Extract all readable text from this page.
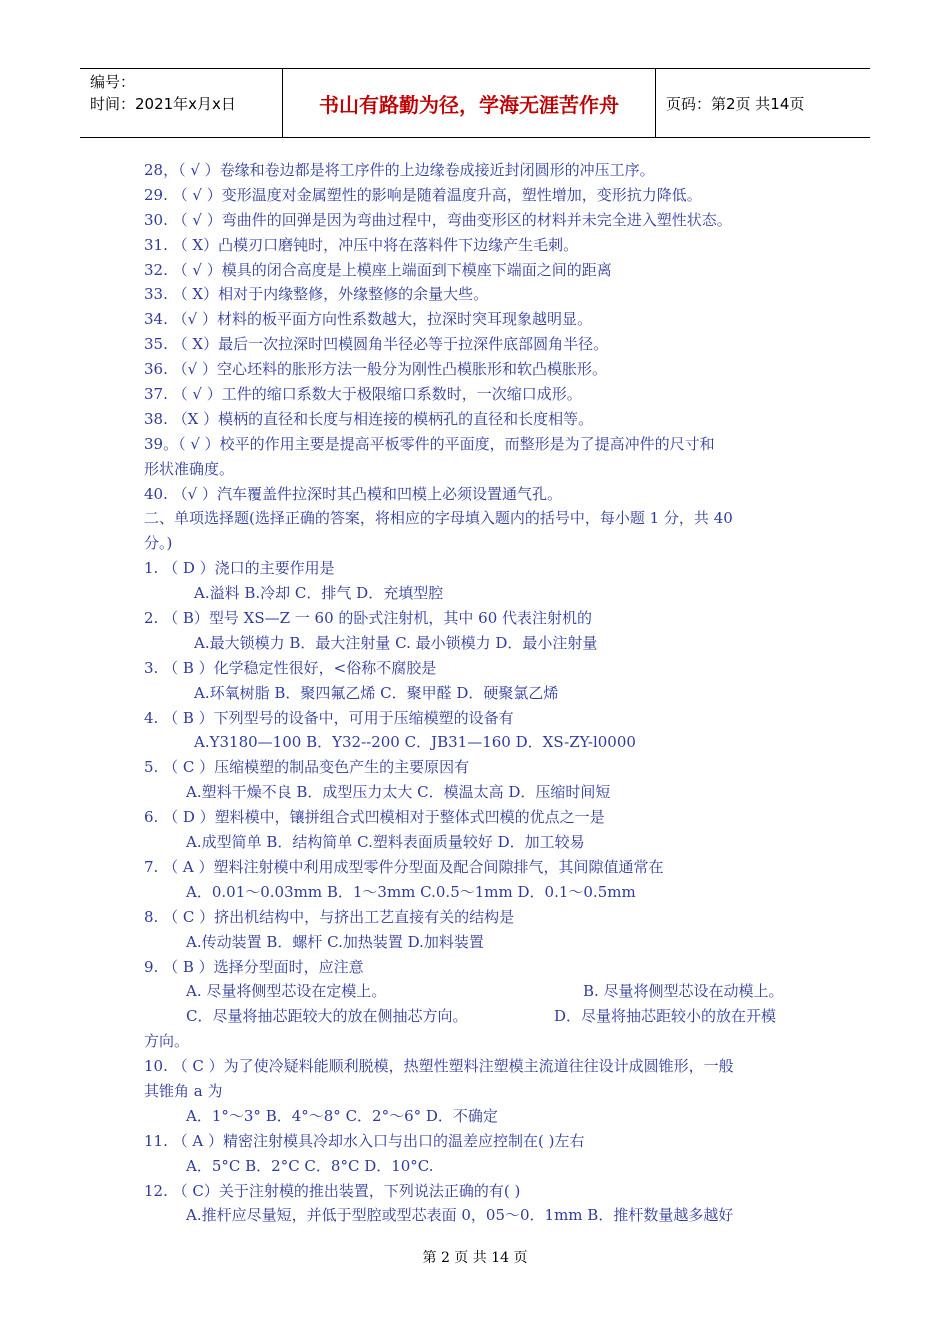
编号：
时间：2021年x月x日	书山有路勤为径，学海无涯苦作舟	页码：第2页 共14页
28，（ √ ）卷缘和卷边都是将工序件的上边缘卷成接近封闭圆形的冲压工序。
29. （ √ ）变形温度对金属塑性的影响是随着温度升高，塑性增加，变形抗力降低。
30. （ √ ）弯曲件的回弹是因为弯曲过程中，弯曲变形区的材料并未完全进入塑性状态。
31. （ X）凸模刃口磨钝时，冲压中将在落料件下边缘产生毛刺。
32. （ √ ）模具的闭合高度是上模座上端面到下模座下端面之间的距离
33. （ X）相对于内缘整修，外缘整修的余量大些。
34. （√ ）材料的板平面方向性系数越大，拉深时突耳现象越明显。
35. （ X）最后一次拉深时凹模圆角半径必等于拉深件底部圆角半径。
36. （√ ）空心坯料的胀形方法一般分为刚性凸模胀形和软凸模胀形。
37. （ √ ）工件的缩口系数大于极限缩口系数时，一次缩口成形。
38. （X ）模柄的直径和长度与相连接的模柄孔的直径和长度相等。
39。（ √ ）校平的作用主要是提高平板零件的平面度，而整形是为了提高冲件的尺寸和
形状准确度。
40. （√ ）汽车覆盖件拉深时其凸模和凹模上必须设置通气孔。
二、单项选择题(选择正确的答案，将相应的字母填入题内的括号中，每小题 1 分，共 40
分。)
1. （ D ）浇口的主要作用是
A.溢料 B.冷却 C．排气 D．充填型腔
2. （ B）型号 XS—Z 一 60 的卧式注射机，其中 60 代表注射机的
A.最大锁模力 B．最大注射量 C. 最小锁模力 D．最小注射量
3. （ B ）化学稳定性很好，<俗称不腐胶是
A.环氧树脂 B．聚四氟乙烯 C．聚甲醛 D．硬聚氯乙烯
4. （ B ）下列型号的设备中，可用于压缩模塑的设备有
A.Y3180—100 B．Y32--200 C．JB31—160 D．XS-ZY-l0000
5. （ C ）压缩模塑的制品变色产生的主要原因有
A.塑料干燥不良 B．成型压力太大 C．模温太高 D．压缩时间短
6. （ D ）塑料模中，镶拼组合式凹模相对于整体式凹模的优点之一是
A.成型简单 B．结构简单 C.塑料表面质量较好 D．加工较易
7. （ A ）塑料注射模中利用成型零件分型面及配合间隙排气，其间隙值通常在
A．0.01～0.03mm B．1～3mm C.0.5～1mm D．0.1～0.5mm
8. （ C ）挤出机结构中，与挤出工艺直接有关的结构是
A.传动装置 B．螺杆 C.加热装置 D.加料装置
9. （ B ）选择分型面时，应注意
A. 尽量将侧型芯设在定模上。	B. 尽量将侧型芯设在动模上。
C．尽量将抽芯距较大的放在侧抽芯方向。	D．尽量将抽芯距较小的放在开模
方向。
10. （ C ）为了使冷疑料能顺利脱模，热塑性塑料注塑模主流道往往设计成圆锥形，一般
其锥角 a 为
A．1°～3° B．4°～8° C．2°～6° D．不确定
11. （ A ）精密注射模具冷却水入口与出口的温差应控制在( )左右
A．5°C B．2°C C．8°C D．10°C.
12. （ C）关于注射模的推出装置，下列说法正确的有( )
A.推杆应尽量短，并低于型腔或型芯表面 0，05～0．1mm B．推杆数量越多越好
第 2 页 共 14 页
